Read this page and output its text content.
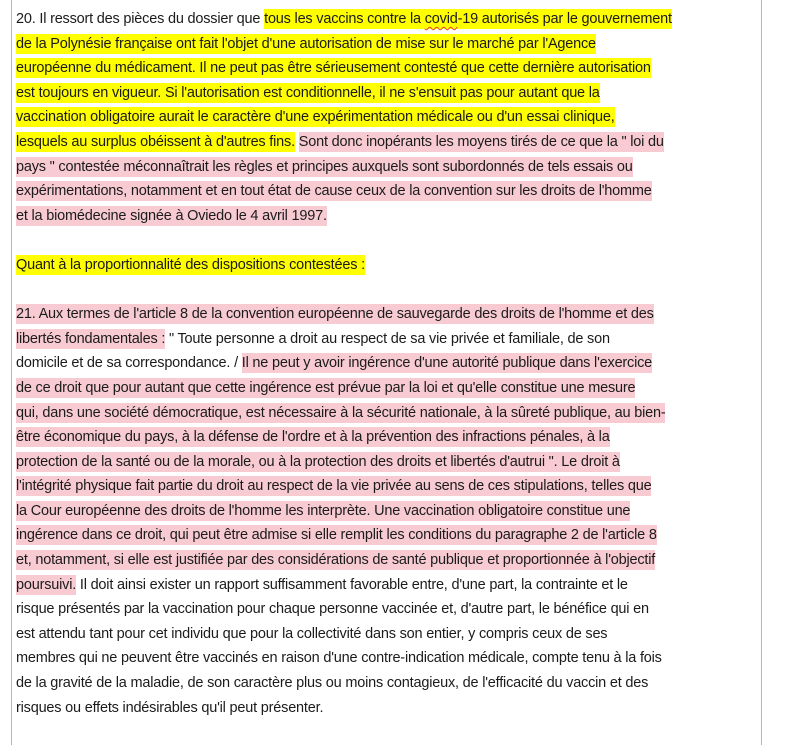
20. Il ressort des pièces du dossier que tous les vaccins contre la covid-19 autorisés par le gouvernement
de la Polynésie française ont fait l'objet d'une autorisation de mise sur le marché par l'Agence
européenne du médicament. Il ne peut pas être sérieusement contesté que cette dernière autorisation
est toujours en vigueur. Si l'autorisation est conditionnelle, il ne s'ensuit pas pour autant que la
vaccination obligatoire aurait le caractère d'une expérimentation médicale ou d'un essai clinique,
lesquels au surplus obéissent à d'autres fins. Sont donc inopérants les moyens tirés de ce que la " loi du
pays " contestée méconnaîtrait les règles et principes auxquels sont subordonnés de tels essais ou
expérimentations, notamment et en tout état de cause ceux de la convention sur les droits de l'homme
et la biomédecine signée à Oviedo le 4 avril 1997.

Quant à la proportionnalité des dispositions contestées :

21. Aux termes de l'article 8 de la convention européenne de sauvegarde des droits de l'homme et des
libertés fondamentales : " Toute personne a droit au respect de sa vie privée et familiale, de son
domicile et de sa correspondance. / Il ne peut y avoir ingérence d'une autorité publique dans l'exercice
de ce droit que pour autant que cette ingérence est prévue par la loi et qu'elle constitue une mesure
qui, dans une société démocratique, est nécessaire à la sécurité nationale, à la sûreté publique, au bien-
être économique du pays, à la défense de l'ordre et à la prévention des infractions pénales, à la
protection de la santé ou de la morale, ou à la protection des droits et libertés d'autrui ". Le droit à
l'intégrité physique fait partie du droit au respect de la vie privée au sens de ces stipulations, telles que
la Cour européenne des droits de l'homme les interprète. Une vaccination obligatoire constitue une
ingérence dans ce droit, qui peut être admise si elle remplit les conditions du paragraphe 2 de l'article 8
et, notamment, si elle est justifiée par des considérations de santé publique et proportionnée à l'objectif
poursuivi. Il doit ainsi exister un rapport suffisamment favorable entre, d'une part, la contrainte et le
risque présentés par la vaccination pour chaque personne vaccinée et, d'autre part, le bénéfice qui en
est attendu tant pour cet individu que pour la collectivité dans son entier, y compris ceux de ses
membres qui ne peuvent être vaccinés en raison d'une contre-indication médicale, compte tenu à la fois
de la gravité de la maladie, de son caractère plus ou moins contagieux, de l'efficacité du vaccin et des
risques ou effets indésirables qu'il peut présenter.
